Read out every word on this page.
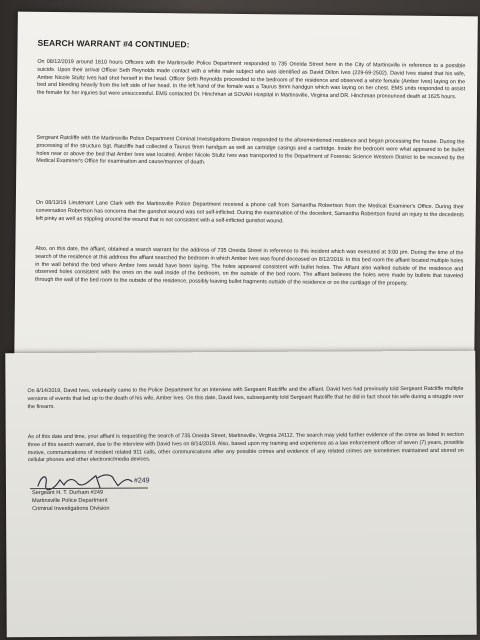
SEARCH WARRANT #4 CONTINUED:

On 08/12/2019 around 1610 hours Officers with the Martinsville Police Department responded to 735 Oneida Street here in the City of Martinsville in reference to a possible suicide. Upon their arrival Officer Seth Reynolds made contact with a white male subject who was identified as David Dillon Ives (229-69-2502). David Ives stated that his wife, Amber Nicole Stultz Ives had shot herself in the head. Officer Seth Reynolds proceeded to the bedroom of the residence and observed a white female (Amber Ives) laying on the bed and bleeding heavily from the left side of her head. In the left hand of the female was a Taurus 9mm handgun which was laying on her chest. EMS units responded to assist the female for her injuries but were unsuccessful. EMS contacted Dr. Hinchman at SOVAH Hospital in Martinsville, Virginia and DR. Hinchman pronounced death at 1625 hours.

Sergeant Ratcliffe with the Martinsville Police Department Criminal Investigations Division responded to the aforementioned residence and began processing the house. During the processing of the structure Sgt. Ratcliffe had collected a Taurus 9mm handgun as well as cartridge casings and a cartridge. Inside the bedroom were what appeared to be bullet holes near or above the bed that Amber Ives was located. Amber Nicole Stultz Ives was transported to the Department of Forensic Science Western District to be received by the Medical Examiner's Office for examination and cause/manner of death.

On 08/13/19 Lieutenant Lane Clark with the Martinsville Police Department received a phone call from Samantha Robertson from the Medical Examiner's Office. During their conversation Robertson has concerns that the gunshot wound was not self-inflicted. During the examination of the decedent, Samantha Robertson found an injury to the decedents left pinky as well as stippling around the wound that is not consistent with a self-inflicted gunshot wound.

Also, on this date, the affiant, obtained a search warrant for the address of 735 Oneida Street in reference to this incident which was executed at 3:00 pm. During the time of the search of the residence at this address the affiant searched the bedroom in which Amber Ives was found deceased on 8/12/2019. In this bed room the affiant located multiple holes in the wall behind the bed where Amber Ives would have been laying. The holes appeared consistent with bullet holes. The Affiant also walked outside of the residence and observed holes consistent with the ones on the wall inside of the bedroom, on the outside of the bed room. The affiant believes the holes were made by bullets that traveled through the wall of the bed room to the outside of the residence, possibly leaving bullet fragments outside of the residence or on the curtilage of the property.

On 8/14/2019, David Ives, voluntarily came to the Police Department for an interview with Sergeant Ratcliffe and the affiant. David Ives had previously told Sergeant Ratcliffe multiple versions of events that led up to the death of his wife, Amber Ives. On this date, David Ives, subsequently told Sergeant Ratcliffe that he did in fact shoot his wife during a struggle over the firearm.

As of this date and time, your affiant is requesting the search of 735 Oneida Street, Martinsville, Virginia 24112. The search may yield further evidence of the crime as listed in section three of this search warrant, due to the interview with David Ives on 8/14/2019. Also, based upon my training and experience as a law enforcement officer of seven (7) years, possible motive, communications of incident related 911 calls, other communications after any possible crimes and evidence of any related crimes are sometimes maintained and stored on cellular phones and other electronic/media devices.

#249
Sergeant H. T. Durham #249
Martinsville Police Department
Criminal Investigations Division
